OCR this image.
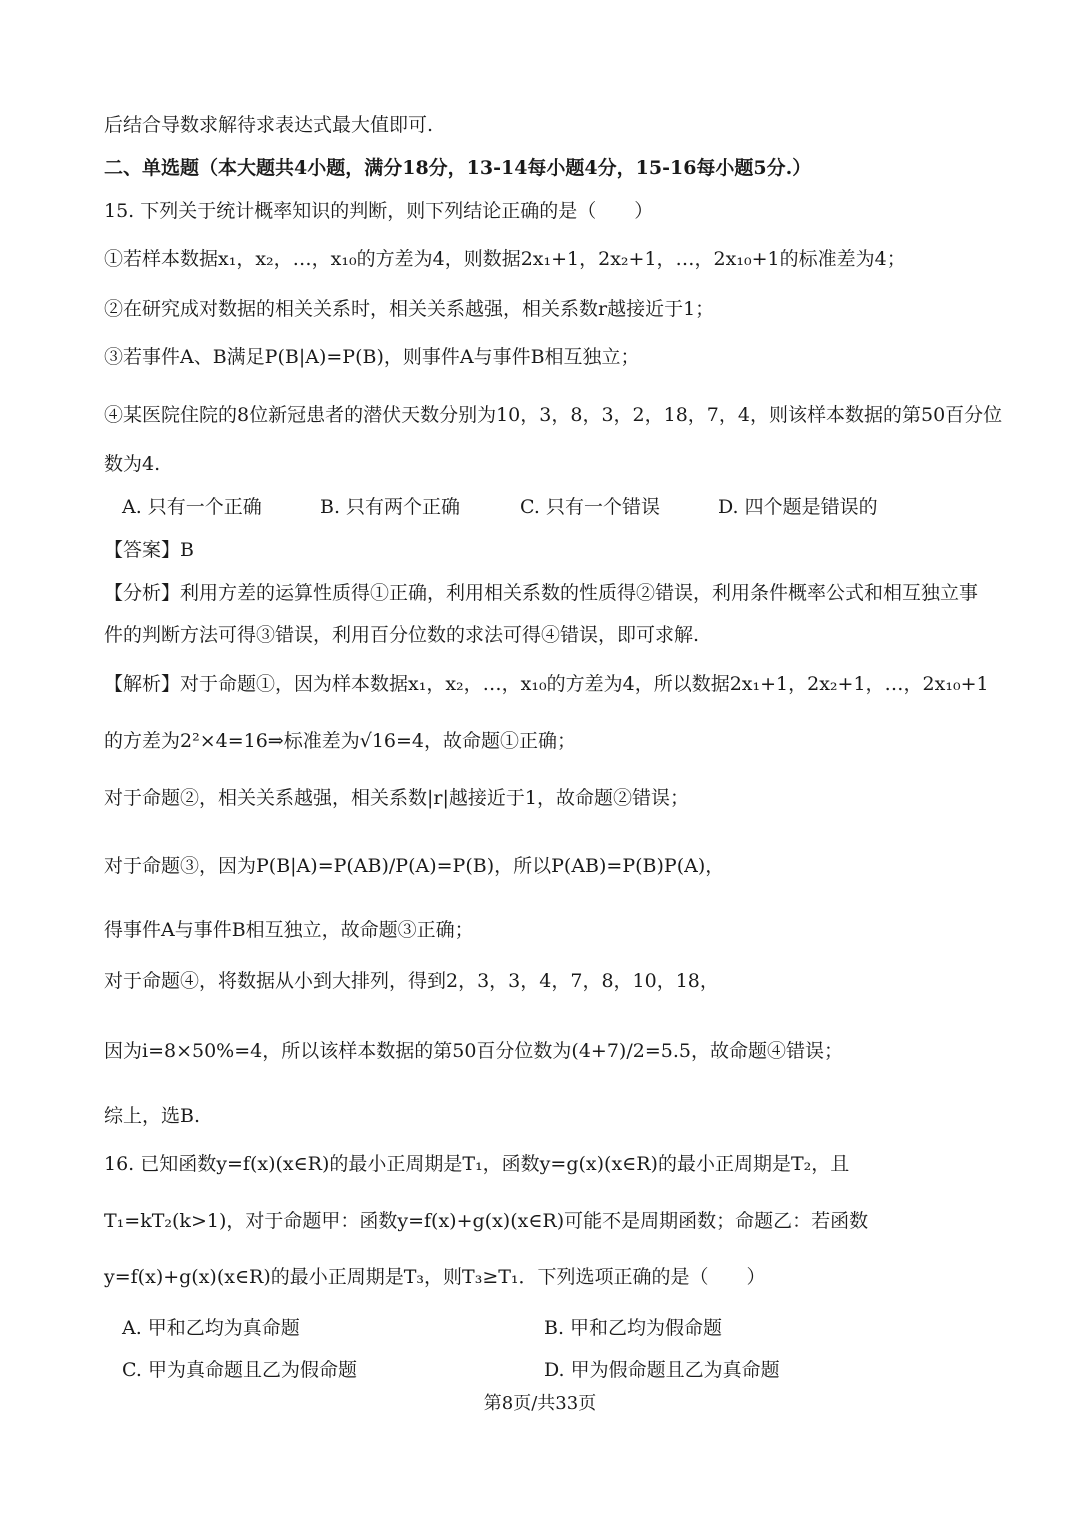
后结合导数求解待求表达式最大值即可.
二、单选题（本大题共4小题，满分18分，13-14每小题4分，15-16每小题5分.）
15. 下列关于统计概率知识的判断，则下列结论正确的是（　　）
①若样本数据x₁，x₂，…，x₁₀的方差为4，则数据2x₁+1，2x₂+1，…，2x₁₀+1的标准差为4；
②在研究成对数据的相关关系时，相关关系越强，相关系数r越接近于1；
③若事件A、B满足P(B|A)=P(B)，则事件A与事件B相互独立；
④某医院住院的8位新冠患者的潜伏天数分别为10，3，8，3，2，18，7，4，则该样本数据的第50百分位
数为4.
A. 只有一个正确	B. 只有两个正确	C. 只有一个错误	D. 四个题是错误的
【答案】B
【分析】利用方差的运算性质得①正确，利用相关系数的性质得②错误，利用条件概率公式和相互独立事
件的判断方法可得③错误，利用百分位数的求法可得④错误，即可求解.
【解析】对于命题①，因为样本数据x₁，x₂，…，x₁₀的方差为4，所以数据2x₁+1，2x₂+1，…，2x₁₀+1
的方差为2²×4=16⇒标准差为√16=4，故命题①正确；
对于命题②，相关关系越强，相关系数|r|越接近于1，故命题②错误；
对于命题③，因为P(B|A)=P(AB)/P(A)=P(B)，所以P(AB)=P(B)P(A)，
得事件A与事件B相互独立，故命题③正确；
对于命题④，将数据从小到大排列，得到2，3，3，4，7，8，10，18，
因为i=8×50%=4，所以该样本数据的第50百分位数为(4+7)/2=5.5，故命题④错误；
综上，选B.
16. 已知函数y=f(x)(x∈R)的最小正周期是T₁，函数y=g(x)(x∈R)的最小正周期是T₂，且
T₁=kT₂(k>1)，对于命题甲：函数y=f(x)+g(x)(x∈R)可能不是周期函数；命题乙：若函数
y=f(x)+g(x)(x∈R)的最小正周期是T₃，则T₃≥T₁．下列选项正确的是（　　）
A. 甲和乙均为真命题	B. 甲和乙均为假命题
C. 甲为真命题且乙为假命题	D. 甲为假命题且乙为真命题
第8页/共33页
